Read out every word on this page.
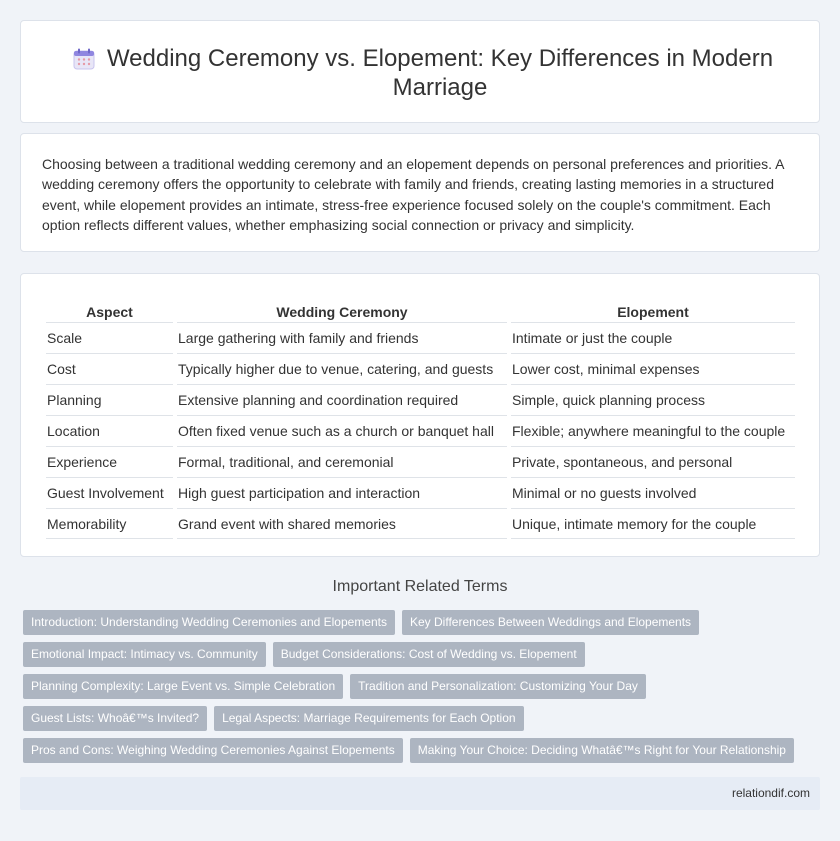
Wedding Ceremony vs. Elopement: Key Differences in Modern Marriage

Choosing between a traditional wedding ceremony and an elopement depends on personal preferences and priorities. A wedding ceremony offers the opportunity to celebrate with family and friends, creating lasting memories in a structured event, while elopement provides an intimate, stress-free experience focused solely on the couple's commitment. Each option reflects different values, whether emphasizing social connection or privacy and simplicity.

Aspect	Wedding Ceremony	Elopement
Scale	Large gathering with family and friends	Intimate or just the couple
Cost	Typically higher due to venue, catering, and guests	Lower cost, minimal expenses
Planning	Extensive planning and coordination required	Simple, quick planning process
Location	Often fixed venue such as a church or banquet hall	Flexible; anywhere meaningful to the couple
Experience	Formal, traditional, and ceremonial	Private, spontaneous, and personal
Guest Involvement	High guest participation and interaction	Minimal or no guests involved
Memorability	Grand event with shared memories	Unique, intimate memory for the couple
Important Related Terms
Introduction: Understanding Wedding Ceremonies and Elopements	Key Differences Between Weddings and Elopements
Emotional Impact: Intimacy vs. Community	Budget Considerations: Cost of Wedding vs. Elopement
Planning Complexity: Large Event vs. Simple Celebration	Tradition and Personalization: Customizing Your Day
Guest Lists: Whoâ€™s Invited?	Legal Aspects: Marriage Requirements for Each Option
Pros and Cons: Weighing Wedding Ceremonies Against Elopements	Making Your Choice: Deciding Whatâ€™s Right for Your Relationship
relationdif.com
